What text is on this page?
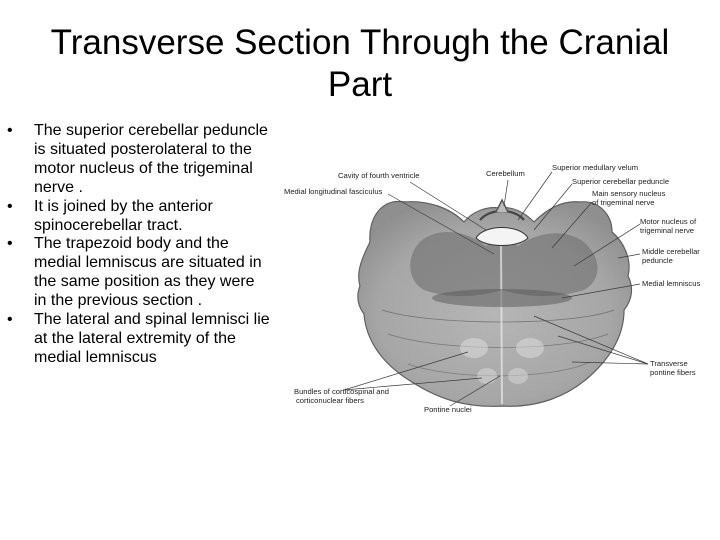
Transverse Section Through the Cranial Part
• The superior cerebellar peduncle is situated posterolateral to the motor nucleus of the trigeminal nerve .
• It is joined by the anterior spinocerebellar tract.
• The trapezoid body and the medial lemniscus are situated in the same position as they were in the previous section .
• The lateral and spinal lemnisci lie at the lateral extremity of the medial lemniscus
Cavity of fourth ventricle	Cerebellum
Superior medullary velum
Superior cerebellar peduncle
Medial longitudinal fasciculus	Main sensory nucleus
of trigeminal nerve
Motor nucleus of
trigeminal nerve
Middle cerebellar
peduncle
Medial lemniscus
Transverse
pontine fibers
Bundles of corticospinal and
corticonuclear fibers
Pontine nuclei
